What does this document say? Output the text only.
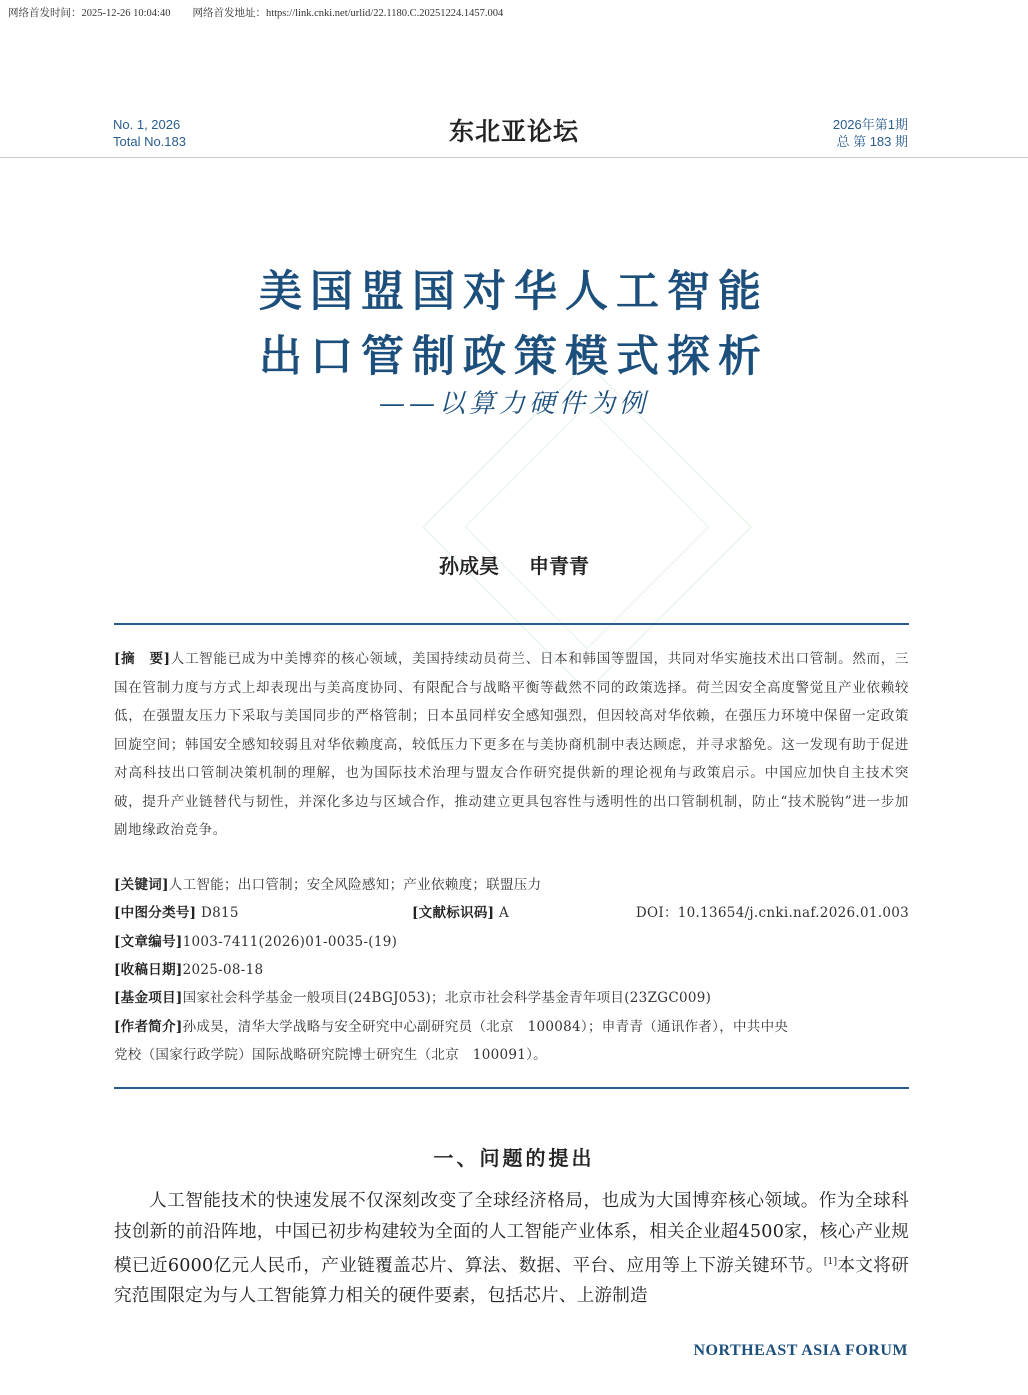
网络首发时间：2025-12-26 10:04:40 网络首发地址：https://link.cnki.net/urlid/22.1180.C.20251224.1457.004
No. 1, 2026
Total No.183	东北亚论坛	2026年第1期
总 第 183 期
美国盟国对华人工智能
出口管制政策模式探析
——以算力硬件为例
孙成昊 申青青
[摘　要]人工智能已成为中美博弈的核心领域，美国持续动员荷兰、日本和韩国等盟国，共同对华实施技术出口管制。然而，三国在管制力度与方式上却表现出与美高度协同、有限配合与战略平衡等截然不同的政策选择。荷兰因安全高度警觉且产业依赖较低，在强盟友压力下采取与美国同步的严格管制；日本虽同样安全感知强烈，但因较高对华依赖，在强压力环境中保留一定政策回旋空间；韩国安全感知较弱且对华依赖度高，较低压力下更多在与美协商机制中表达顾虑，并寻求豁免。这一发现有助于促进对高科技出口管制决策机制的理解，也为国际技术治理与盟友合作研究提供新的理论视角与政策启示。中国应加快自主技术突破，提升产业链替代与韧性，并深化多边与区域合作，推动建立更具包容性与透明性的出口管制机制，防止“技术脱钩”进一步加剧地缘政治竞争。
[关键词]人工智能；出口管制；安全风险感知；产业依赖度；联盟压力
[中图分类号] D815	[文献标识码] A	DOI：10.13654/j.cnki.naf.2026.01.003
[文章编号]1003-7411(2026)01-0035-(19)
[收稿日期]2025-08-18
[基金项目]国家社会科学基金一般项目(24BGJ053)；北京市社会科学基金青年项目(23ZGC009)
[作者简介]孙成昊，清华大学战略与安全研究中心副研究员（北京　100084）；申青青（通讯作者），中共中央
党校（国家行政学院）国际战略研究院博士研究生（北京　100091）。
一、问题的提出
人工智能技术的快速发展不仅深刻改变了全球经济格局，也成为大国博弈核心领域。作为全球科技创新的前沿阵地，中国已初步构建较为全面的人工智能产业体系，相关企业超4500家，核心产业规模已近6000亿元人民币，产业链覆盖芯片、算法、数据、平台、应用等上下游关键环节。[1]本文将研究范围限定为与人工智能算力相关的硬件要素，包括芯片、上游制造
NORTHEAST ASIA FORUM
